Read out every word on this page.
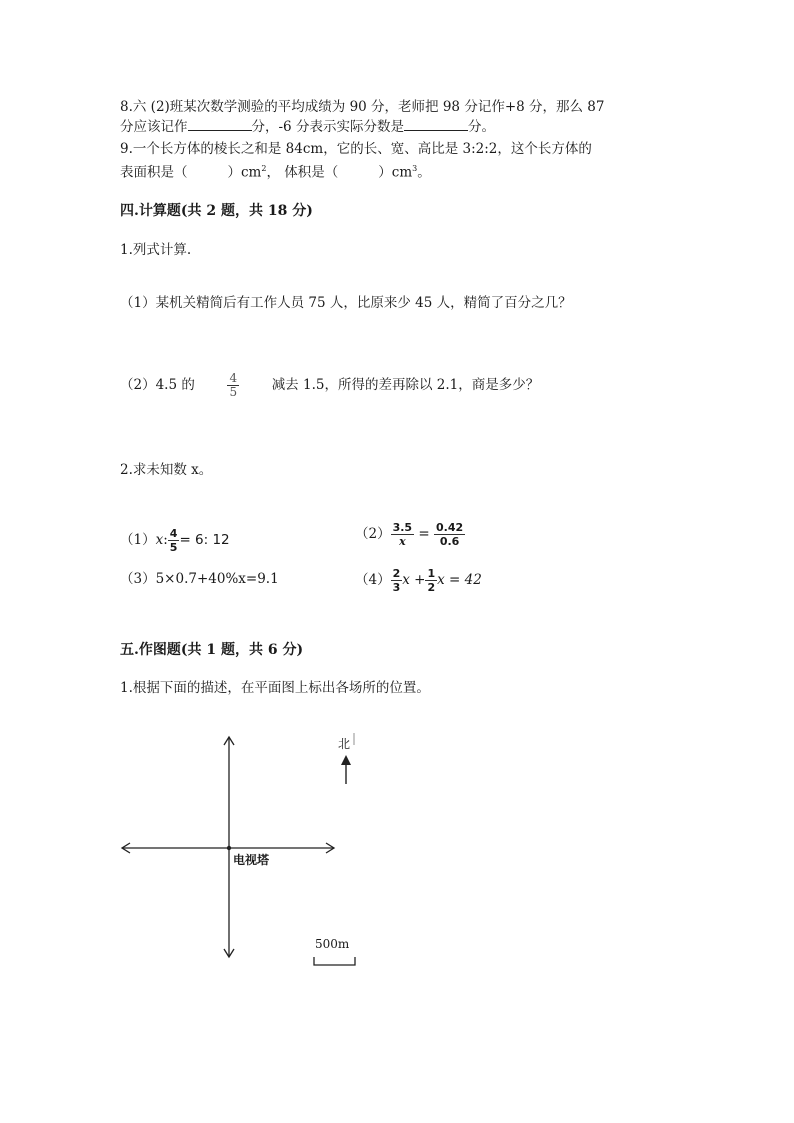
8.六 (2)班某次数学测验的平均成绩为 90 分，老师把 98 分记作+8 分，那么 87
分应该记作	分，-6 分表示实际分数是	分。
9.一个长方体的棱长之和是 84cm，它的长、宽、高比是 3:2:2，这个长方体的
表面积是（	）$cm^2$， 体积是（	）$cm^3$。
四.计算题(共 2 题，共 18 分)
1.列式计算.
（1）某机关精简后有工作人员 75 人，比原来少 45 人，精简了百分之几？
（2）4.5 的	$\frac{4}{5}$ 减去 1.5，所得的差再除以 2.1，商是多少？
2.求未知数 x。
（1）x: $\frac{4}{5} = 6$: 12	$(2) \frac{3.5}{x} = \frac{0.42}{0.6}$
（3）5×0.7+40%x=9.1	$(4) \frac{2}{3}$ $x + \frac{1}{2}$ x = 42
五.作图题(共 1 题，共 6 分)
1.根据下面的描述，在平面图上标出各场所的位置。
北
电视塔
500m
